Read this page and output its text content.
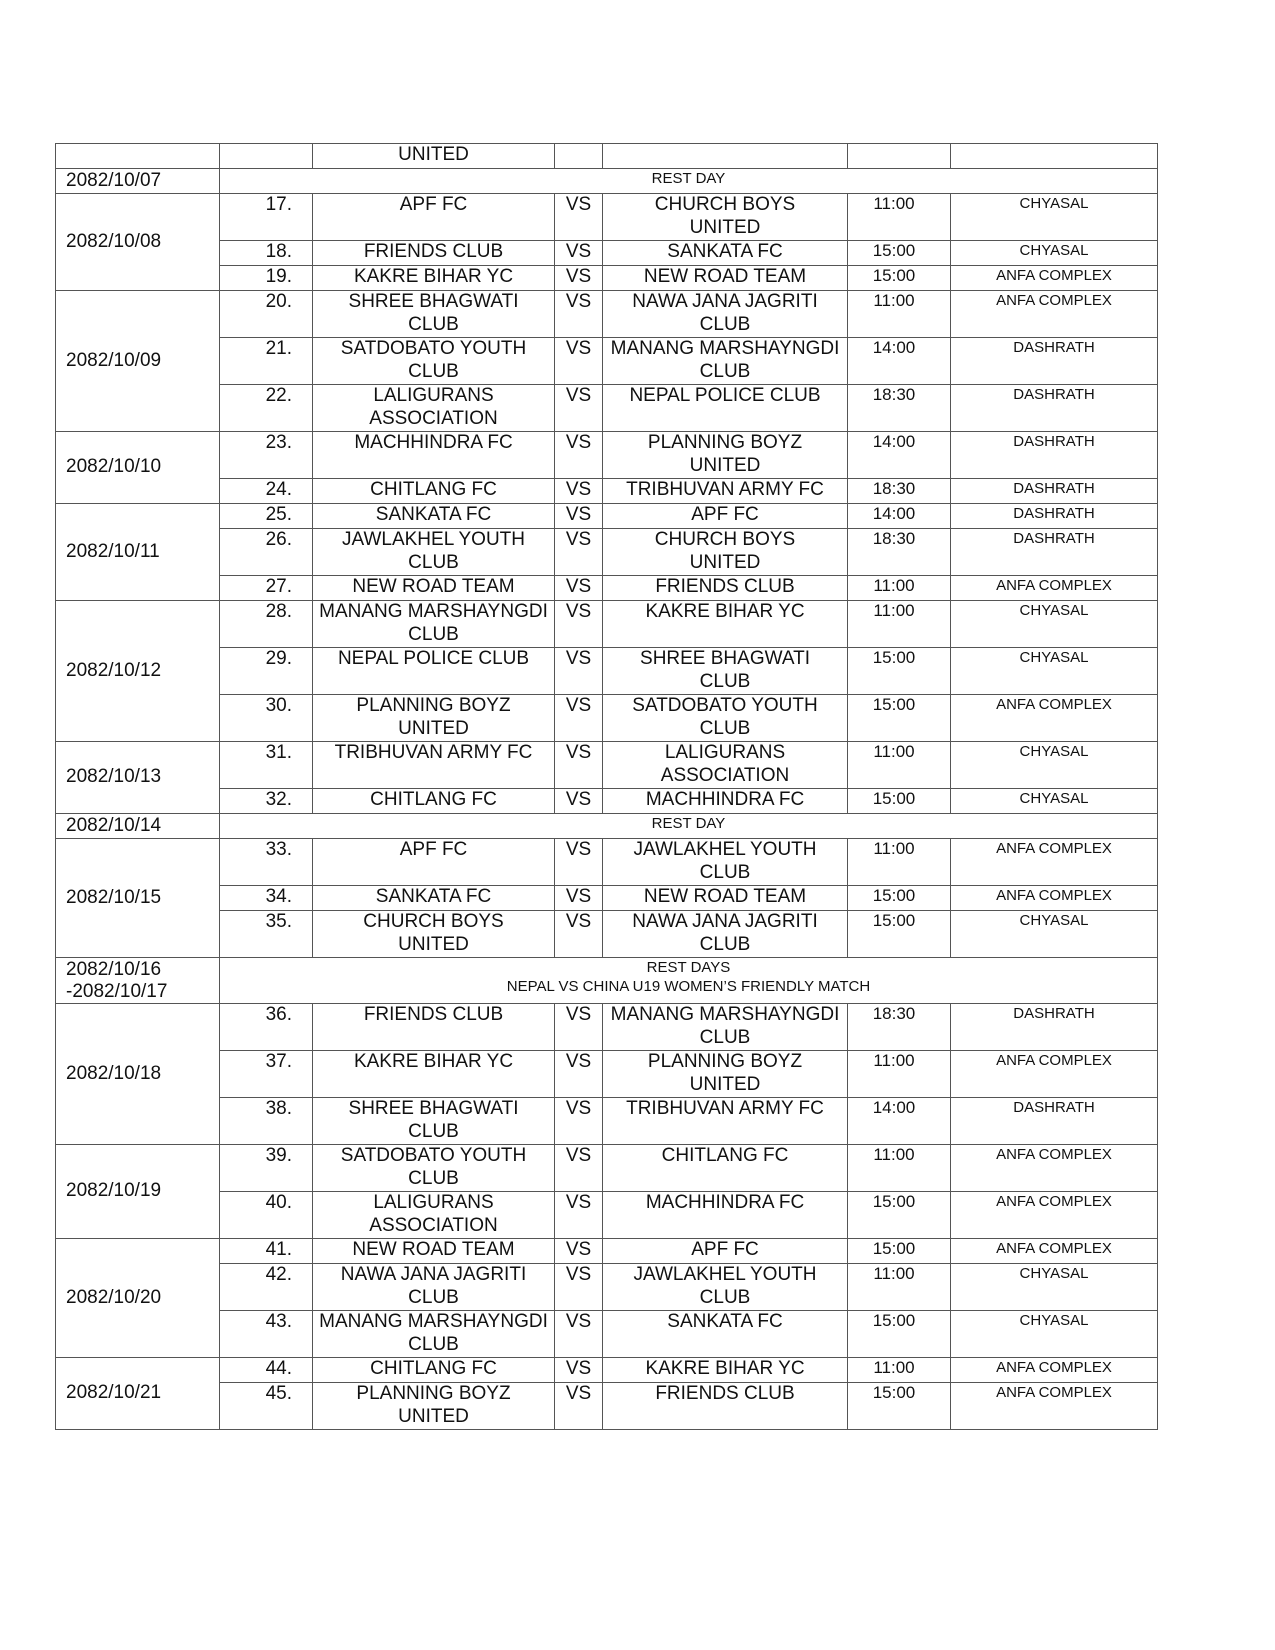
		UNITED				
2082/10/07	REST DAY					

2082/10/08	17.	APF FC	VS	CHURCH BOYS UNITED	11:00	CHYASAL
	18.	FRIENDS CLUB	VS	SANKATA FC	15:00	CHYASAL
	19.	KAKRE BIHAR YC	VS	NEW ROAD TEAM	15:00	ANFA COMPLEX
2082/10/09	20.	SHREE BHAGWATI CLUB	VS	NAWA JANA JAGRITI CLUB	11:00	ANFA COMPLEX
	21.	SATDOBATO YOUTH CLUB	VS	MANANG MARSHAYNGDI CLUB	14:00	DASHRATH
	22.	LALIGURANS ASSOCIATION	VS	NEPAL POLICE CLUB	18:30	DASHRATH
2082/10/10	23.	MACHHINDRA FC	VS	PLANNING BOYZ UNITED	14:00	DASHRATH
	24.	CHITLANG FC	VS	TRIBHUVAN ARMY FC	18:30	DASHRATH
2082/10/11	25.	SANKATA FC	VS	APF FC	14:00	DASHRATH
	26.	JAWLAKHEL YOUTH CLUB	VS	CHURCH BOYS UNITED	18:30	DASHRATH
	27.	NEW ROAD TEAM	VS	FRIENDS CLUB	11:00	ANFA COMPLEX
2082/10/12	28.	MANANG MARSHAYNGDI CLUB	VS	KAKRE BIHAR YC	11:00	CHYASAL
	29.	NEPAL POLICE CLUB	VS	SHREE BHAGWATI CLUB	15:00	CHYASAL
	30.	PLANNING BOYZ UNITED	VS	SATDOBATO YOUTH CLUB	15:00	ANFA COMPLEX
2082/10/13	31.	TRIBHUVAN ARMY FC	VS	LALIGURANS ASSOCIATION	11:00	CHYASAL
	32.	CHITLANG FC	VS	MACHHINDRA FC	15:00	CHYASAL
2082/10/14	REST DAY					

2082/10/15	33.	APF FC	VS	JAWLAKHEL YOUTH CLUB	11:00	ANFA COMPLEX
	34.	SANKATA FC	VS	NEW ROAD TEAM	15:00	ANFA COMPLEX
	35.	CHURCH BOYS UNITED	VS	NAWA JANA JAGRITI CLUB	15:00	CHYASAL
2082/10/16 -2082/10/17	REST DAYS
NEPAL VS CHINA U19 WOMEN’S FRIENDLY MATCH					

2082/10/18	36.	FRIENDS CLUB	VS	MANANG MARSHAYNGDI CLUB	18:30	DASHRATH
	37.	KAKRE BIHAR YC	VS	PLANNING BOYZ UNITED	11:00	ANFA COMPLEX
	38.	SHREE BHAGWATI CLUB	VS	TRIBHUVAN ARMY FC	14:00	DASHRATH
2082/10/19	39.	SATDOBATO YOUTH CLUB	VS	CHITLANG FC	11:00	ANFA COMPLEX
	40.	LALIGURANS ASSOCIATION	VS	MACHHINDRA FC	15:00	ANFA COMPLEX
2082/10/20	41.	NEW ROAD TEAM	VS	APF FC	15:00	ANFA COMPLEX
	42.	NAWA JANA JAGRITI CLUB	VS	JAWLAKHEL YOUTH CLUB	11:00	CHYASAL
	43.	MANANG MARSHAYNGDI CLUB	VS	SANKATA FC	15:00	CHYASAL
2082/10/21	44.	CHITLANG FC	VS	KAKRE BIHAR YC	11:00	ANFA COMPLEX
	45.	PLANNING BOYZ UNITED	VS	FRIENDS CLUB	15:00	ANFA COMPLEX
